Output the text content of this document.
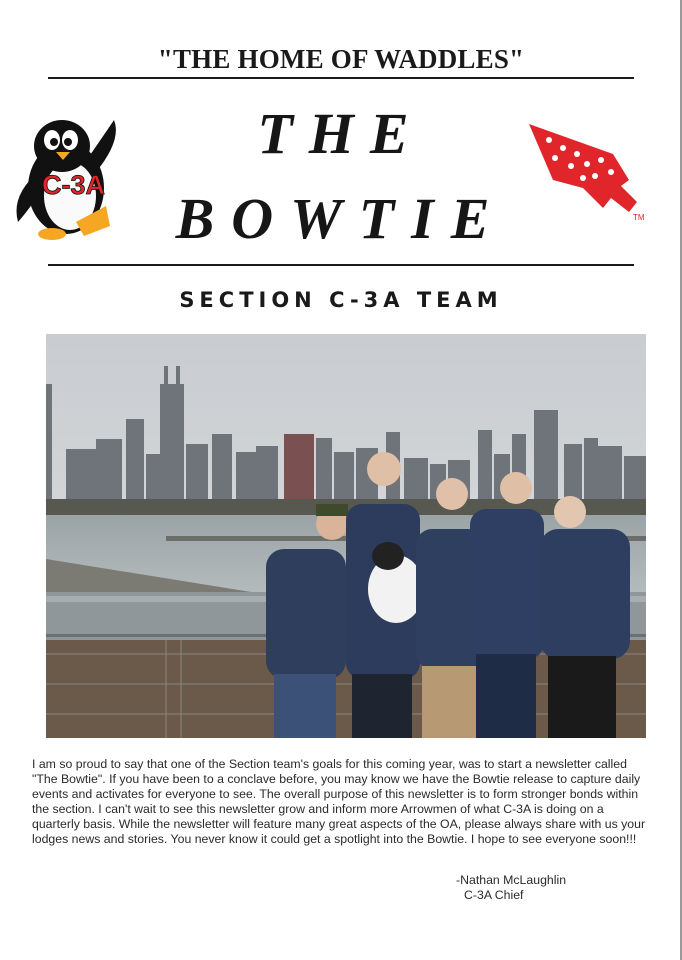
"THE HOME OF WADDLES"
C-3A
THE
BOWTIE	TM
SECTION C-3A TEAM

I am so proud to say that one of the Section team's goals for this coming year, was to start a newsletter called "The Bowtie". If you have been to a conclave before, you may know we have the Bowtie release to capture daily events and activates for everyone to see. The overall purpose of this newsletter is to form stronger bonds within the section. I can't wait to see this newsletter grow and inform more Arrowmen of what C-3A is doing on a quarterly basis. While the newsletter will feature many great aspects of the OA, please always share with us your lodges news and stories. You never know it could get a spotlight into the Bowtie. I hope to see everyone soon!!!

-Nathan McLaughlin
C-3A Chief
